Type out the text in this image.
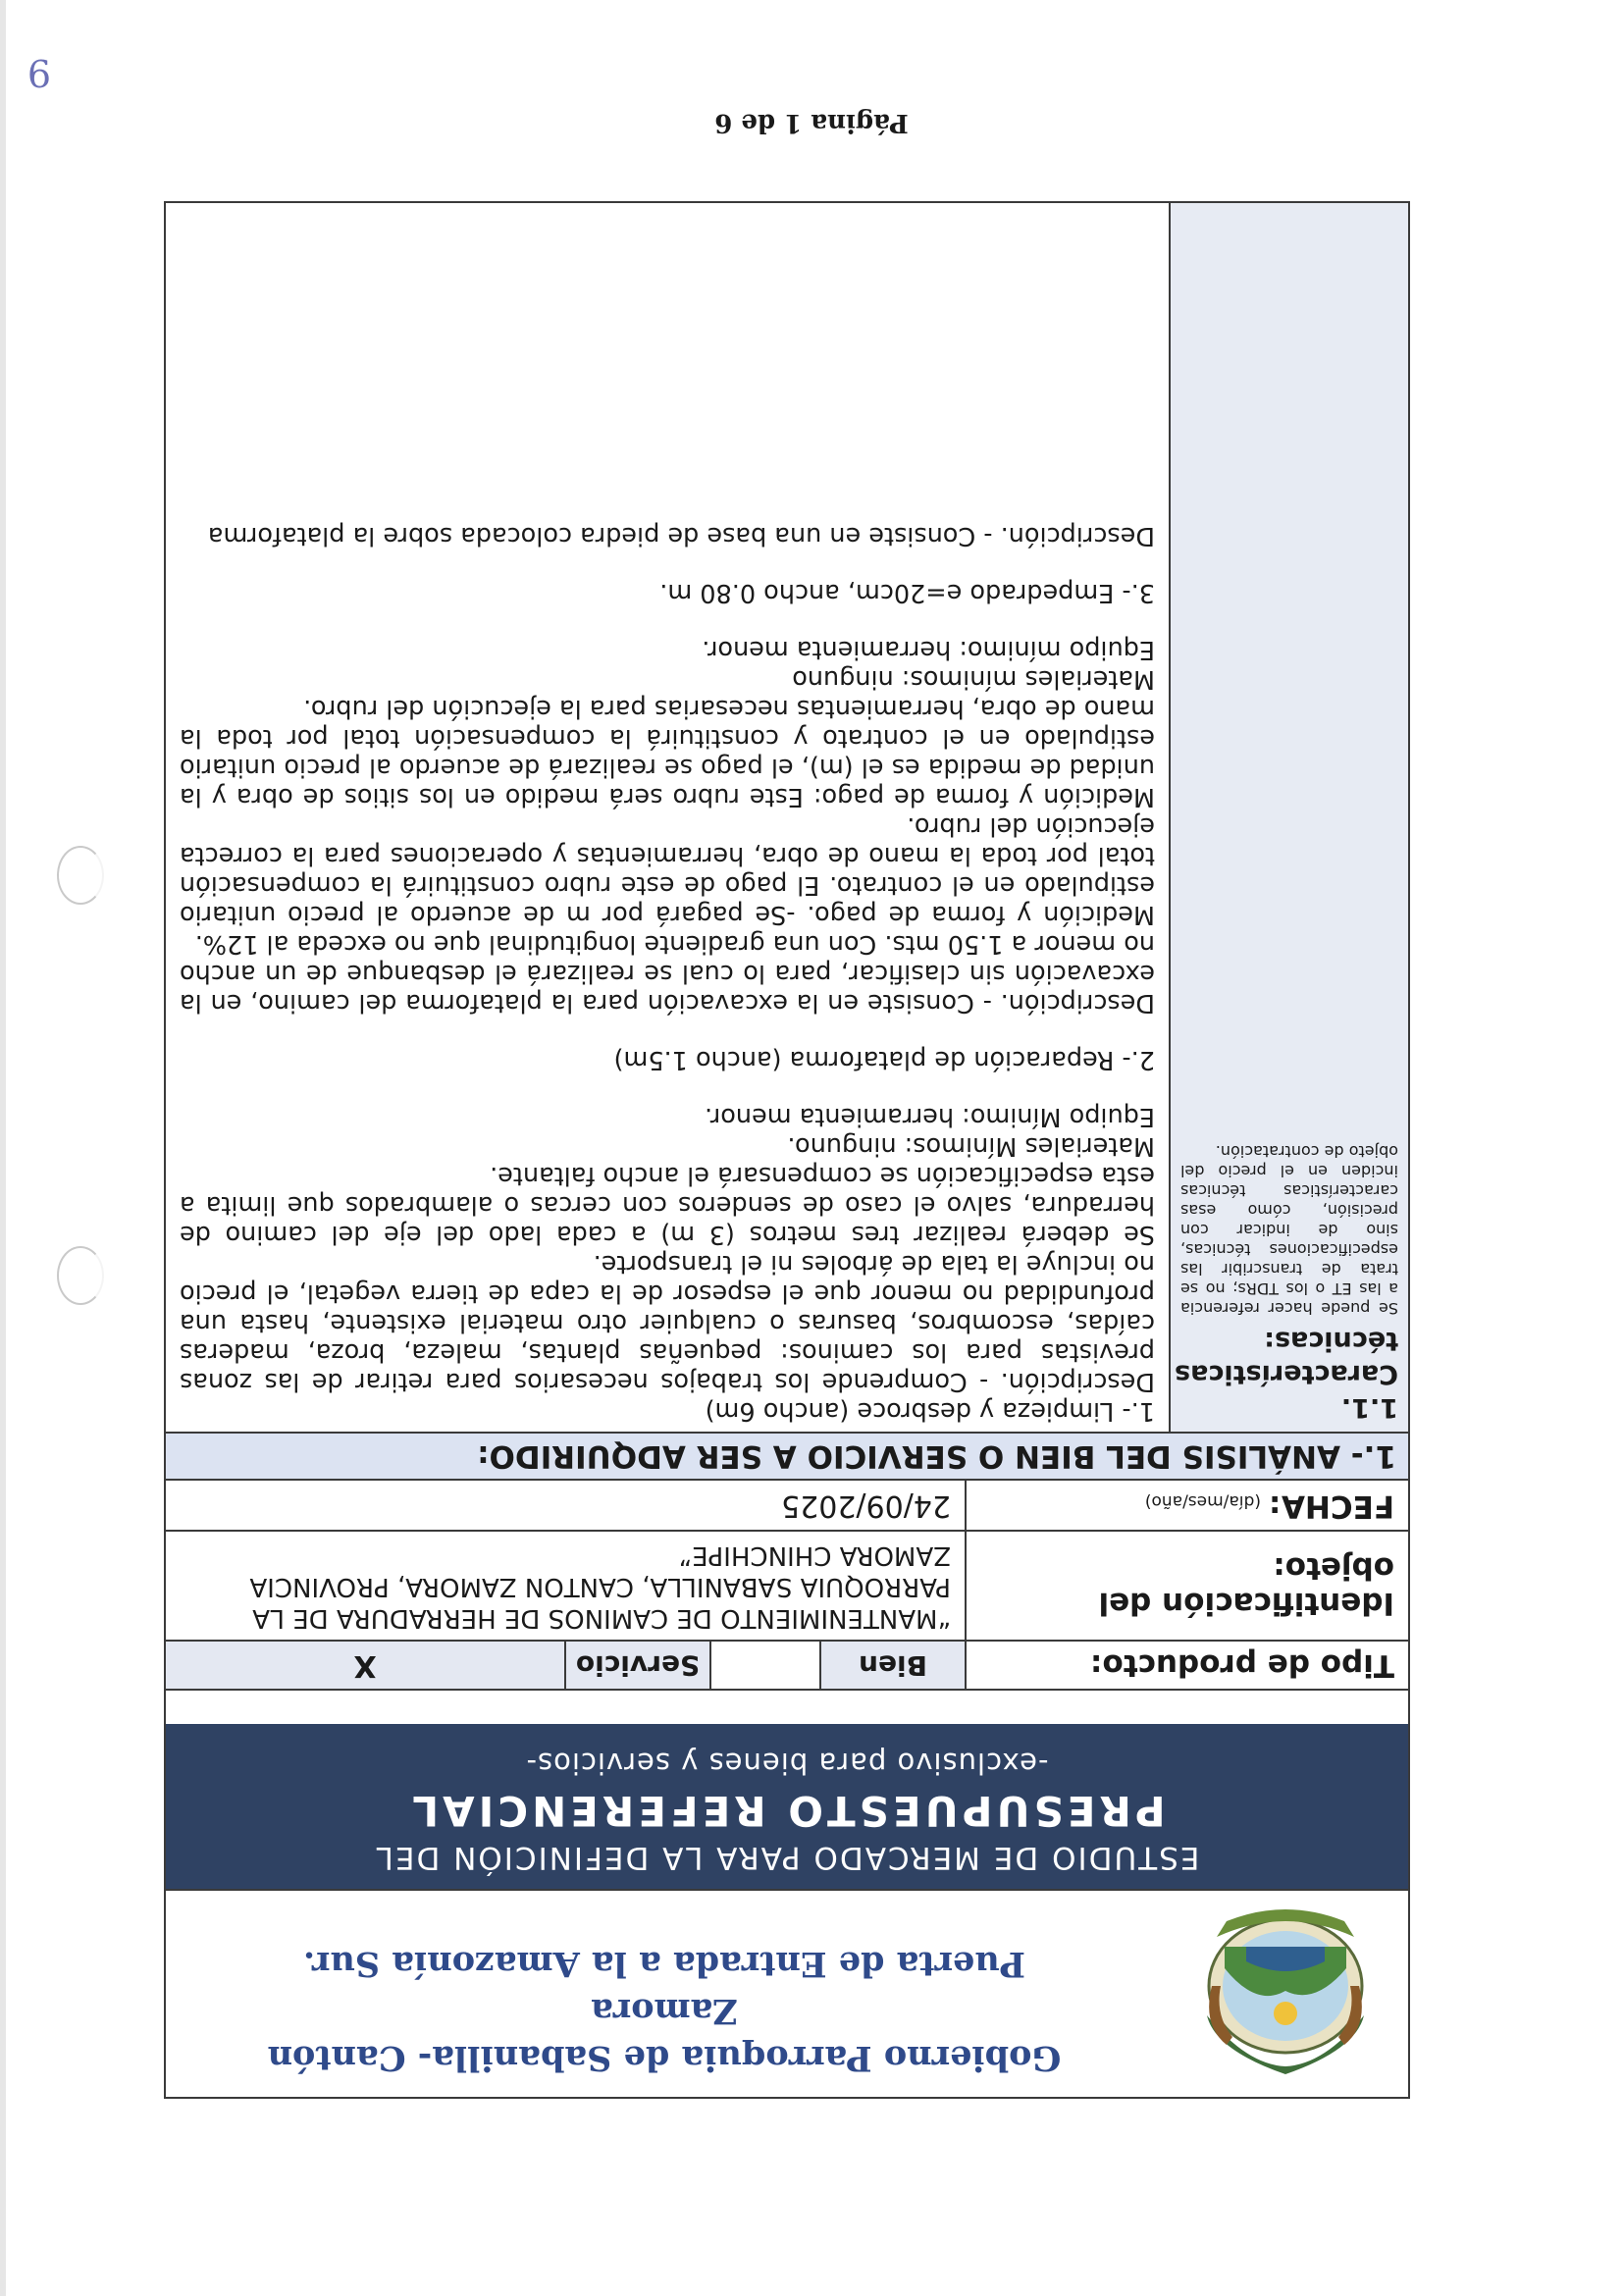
6

Gobierno Parroquia de Sabanilla- Cantón

Zamora

Puerta de Entrada a la Amazonía Sur.

ESTUDIO DE MERCADO PARA LA DEFINICIÓN DEL
PRESUPUESTO REFERENCIAL
-exclusivo para bienes y servicios-
Tipo de producto:
Bien
Servicio
X
Identificación del objeto:
“MANTENIMIENTO DE CAMINOS DE HERRADURA DE LA PARROQUIA SABANILLA, CANTON ZAMORA, PROVINCIA ZAMORA CHINCHIPE”
FECHA:
(día/mes/año)
24/09/2025
1.- ANÁLISIS DEL BIEN O SERVICIO A SER ADQUIRIDO:

1.1. Características técnicas:

Se puede hacer referencia a las ET o los TDRs; no se trata de transcribir las especificaciones técnicas, sino de indicar con precisión, cómo esas características técnicas inciden en el precio del objeto de contratación.

1.- Limpieza y desbroce (ancho 6m)

Descripción. - Comprende los trabajos necesarios para retirar de las zonas previstas para los caminos: pequeñas plantas, maleza, broza, maderas caídas, escombros, basuras o cualquier otro material existente, hasta una profundidad no menor que el espesor de la capa de tierra vegetal, el precio no incluye la tala de árboles ni el transporte.

Se deberá realizar tres metros (3 m) a cada lado del eje del camino de herradura, salvo el caso de senderos con cercas o alambrados que limita a esta especificación se compensará el ancho faltante.

Materiales Mínimos: ninguno.

Equipo Mínimo: herramienta menor.

2.- Reparación de plataforma (ancho 1.5m)

Descripción. - Consiste en la excavación para la plataforma del camino, en la excavación sin clasificar, para lo cual se realizará el desbanque de un ancho no menor a 1.50 mts. Con una gradiente longitudinal que no exceda al 12%.

Medición y forma de pago. -Se pagará por m de acuerdo al precio unitario estipulado en el contrato. El pago de este rubro constituirá la compensación total por toda la mano de obra, herramientas y operaciones para la correcta ejecución del rubro.

Medición y forma de pago: Este rubro será medido en los sitios de obra y la unidad de medida es el (m), el pago se realizará de acuerdo al precio unitario estipulado en el contrato y constituirá la compensación total por toda la mano de obra, herramientas necesarias para la ejecución del rubro.

Materiales mínimos: ninguno

Equipo mínimo: herramienta menor.

3.- Empedrado e=20cm, ancho 0.80 m.

Descripción. - Consiste en una base de piedra colocada sobre la plataforma

Página 1 de 6
